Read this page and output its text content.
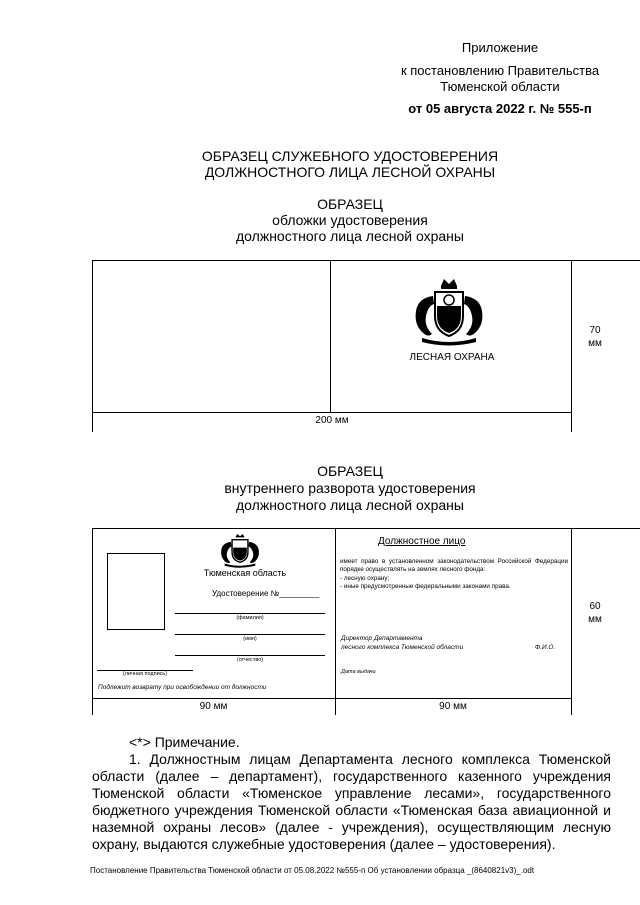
Приложение
к постановлению Правительства
Тюменской области
от 05 августа 2022 г. № 555-п
ОБРАЗЕЦ СЛУЖЕБНОГО УДОСТОВЕРЕНИЯ
ДОЛЖНОСТНОГО ЛИЦА ЛЕСНОЙ ОХРАНЫ
ОБРАЗЕЦ
обложки удостоверения
должностного лица лесной охраны
ЛЕСНАЯ ОХРАНА
70
мм
200 мм
ОБРАЗЕЦ
внутреннего разворота удостоверения
должностного лица лесной охраны
Тюменская область
Удостоверение №_________
(фамилия)
(имя)
(отчество)
(личная подпись)
Подлежит возврату при освобождении от должности
Должностное лицо
имеет право в установленном законодательством Российской Федерации порядке осуществлять на землях лесного фонда:
- лесную охрану;
- иные предусмотренные федеральными законами права.
Директор Департамента
лесного комплекса Тюменской области	Ф.И.О.
Дата выдачи
60
мм
90 мм	90 мм
<*> Примечание.
1. Должностным лицам Департамента лесного комплекса Тюменской области (далее – департамент), государственного казенного учреждения Тюменской области «Тюменское управление лесами», государственного бюджетного учреждения Тюменской области «Тюменская база авиационной и наземной охраны лесов» (далее - учреждения), осуществляющим лесную охрану, выдаются служебные удостоверения (далее – удостоверения).
Постановление Правительства Тюменской области от 05.08.2022 №555-п Об установлении образца _(8640821v3)_.odt
